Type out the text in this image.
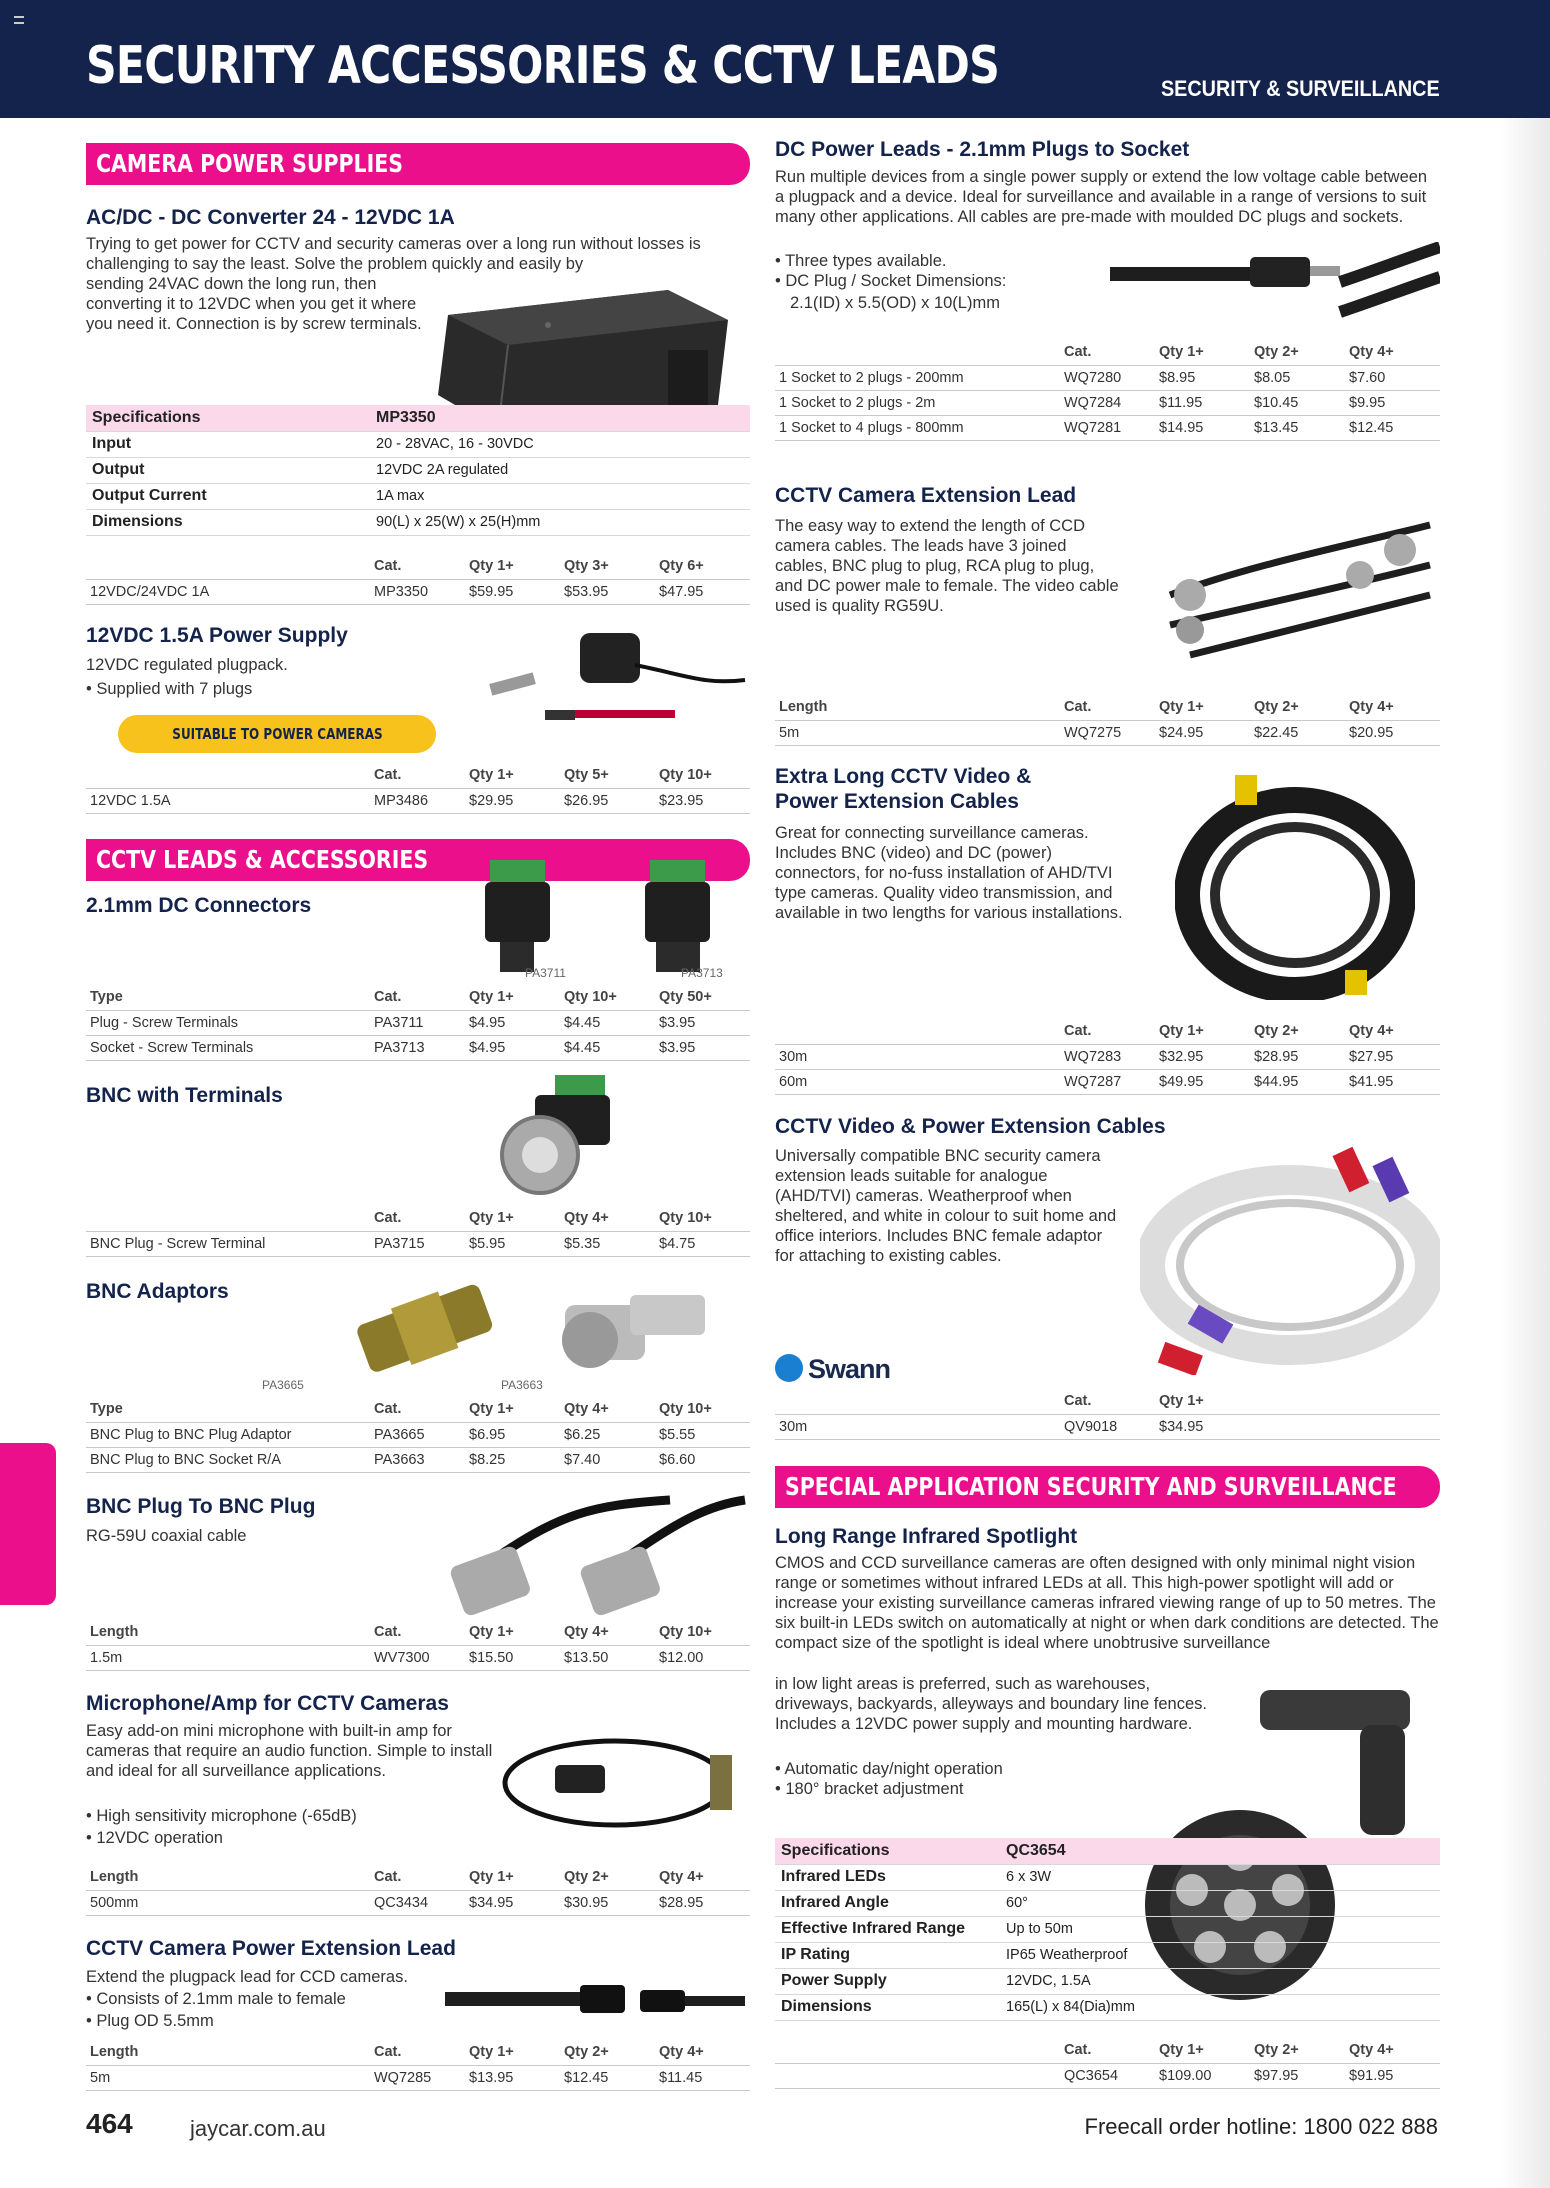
SECURITY ACCESSORIES & CCTV LEADS	SECURITY & SURVEILLANCE
CAMERA POWER SUPPLIES
AC/DC - DC Converter 24 - 12VDC 1A
Trying to get power for CCTV and security cameras over a long run without losses is challenging to say the least. Solve the problem quickly and easily by
sending 24VAC down the long run, then converting it to 12VDC when you get it where you need it. Connection is by screw terminals.
Specifications	MP3350
Input	20 - 28VAC, 16 - 30VDC
Output	12VDC 2A regulated
Output Current	1A max
Dimensions	90(L) x 25(W) x 25(H)mm
	Cat.	Qty 1+	Qty 3+	Qty 6+
12VDC/24VDC 1A	MP3350	$59.95	$53.95	$47.95
12VDC 1.5A Power Supply
12VDC regulated plugpack.
• Supplied with 7 plugs
SUITABLE TO POWER CAMERAS
	Cat.	Qty 1+	Qty 5+	Qty 10+
12VDC 1.5A	MP3486	$29.95	$26.95	$23.95
CCTV LEADS & ACCESSORIES
2.1mm DC Connectors
PA3711	PA3713
Type	Cat.	Qty 1+	Qty 10+	Qty 50+
Plug - Screw Terminals	PA3711	$4.95	$4.45	$3.95
Socket - Screw Terminals	PA3713	$4.95	$4.45	$3.95
BNC with Terminals
	Cat.	Qty 1+	Qty 4+	Qty 10+
BNC Plug - Screw Terminal	PA3715	$5.95	$5.35	$4.75
BNC Adaptors
PA3665	PA3663
Type	Cat.	Qty 1+	Qty 4+	Qty 10+
BNC Plug to BNC Plug Adaptor	PA3665	$6.95	$6.25	$5.55
BNC Plug to BNC Socket R/A	PA3663	$8.25	$7.40	$6.60
BNC Plug To BNC Plug
RG-59U coaxial cable
Length	Cat.	Qty 1+	Qty 4+	Qty 10+
1.5m	WV7300	$15.50	$13.50	$12.00
Microphone/Amp for CCTV Cameras
Easy add-on mini microphone with built-in amp for cameras that require an audio function. Simple to install and ideal for all surveillance applications.
• High sensitivity microphone (-65dB)
• 12VDC operation
Length	Cat.	Qty 1+	Qty 2+	Qty 4+
500mm	QC3434	$34.95	$30.95	$28.95
CCTV Camera Power Extension Lead
Extend the plugpack lead for CCD cameras.
• Consists of 2.1mm male to female
• Plug OD 5.5mm
Length	Cat.	Qty 1+	Qty 2+	Qty 4+
5m	WQ7285	$13.95	$12.45	$11.45
DC Power Leads - 2.1mm Plugs to Socket
Run multiple devices from a single power supply or extend the low voltage cable between a plugpack and a device. Ideal for surveillance and available in a range of versions to suit many other applications. All cables are pre-made with moulded DC plugs and sockets.
• Three types available.
• DC Plug / Socket Dimensions:
2.1(ID) x 5.5(OD) x 10(L)mm
	Cat.	Qty 1+	Qty 2+	Qty 4+
1 Socket to 2 plugs - 200mm	WQ7280	$8.95	$8.05	$7.60
1 Socket to 2 plugs - 2m	WQ7284	$11.95	$10.45	$9.95
1 Socket to 4 plugs - 800mm	WQ7281	$14.95	$13.45	$12.45
CCTV Camera Extension Lead
The easy way to extend the length of CCD camera cables. The leads have 3 joined cables, BNC plug to plug, RCA plug to plug, and DC power male to female. The video cable used is quality RG59U.
Length	Cat.	Qty 1+	Qty 2+	Qty 4+
5m	WQ7275	$24.95	$22.45	$20.95
Extra Long CCTV Video &
Power Extension Cables
Great for connecting surveillance cameras. Includes BNC (video) and DC (power) connectors, for no-fuss installation of AHD/TVI type cameras. Quality video transmission, and available in two lengths for various installations.
	Cat.	Qty 1+	Qty 2+	Qty 4+
30m	WQ7283	$32.95	$28.95	$27.95
60m	WQ7287	$49.95	$44.95	$41.95
CCTV Video & Power Extension Cables
Universally compatible BNC security camera extension leads suitable for analogue (AHD/TVI) cameras. Weatherproof when sheltered, and white in colour to suit home and office interiors. Includes BNC female adaptor for attaching to existing cables.
Swann
	Cat.	Qty 1+
30m	QV9018	$34.95
SPECIAL APPLICATION SECURITY AND SURVEILLANCE
Long Range Infrared Spotlight
CMOS and CCD surveillance cameras are often designed with only minimal night vision range or sometimes without infrared LEDs at all. This high-power spotlight will add or increase your existing surveillance cameras infrared viewing range of up to 50 metres. The six built-in LEDs switch on automatically at night or when dark conditions are detected. The compact size of the spotlight is ideal where unobtrusive surveillance
in low light areas is preferred, such as warehouses, driveways, backyards, alleyways and boundary line fences. Includes a 12VDC power supply and mounting hardware.
• Automatic day/night operation
• 180° bracket adjustment
Specifications	QC3654
Infrared LEDs	6 x 3W
Infrared Angle	60°
Effective Infrared Range	Up to 50m
IP Rating	IP65 Weatherproof
Power Supply	12VDC, 1.5A
Dimensions	165(L) x 84(Dia)mm
	Cat.	Qty 1+	Qty 2+	Qty 4+
	QC3654	$109.00	$97.95	$91.95
464	jaycar.com.au	Freecall order hotline: 1800 022 888
